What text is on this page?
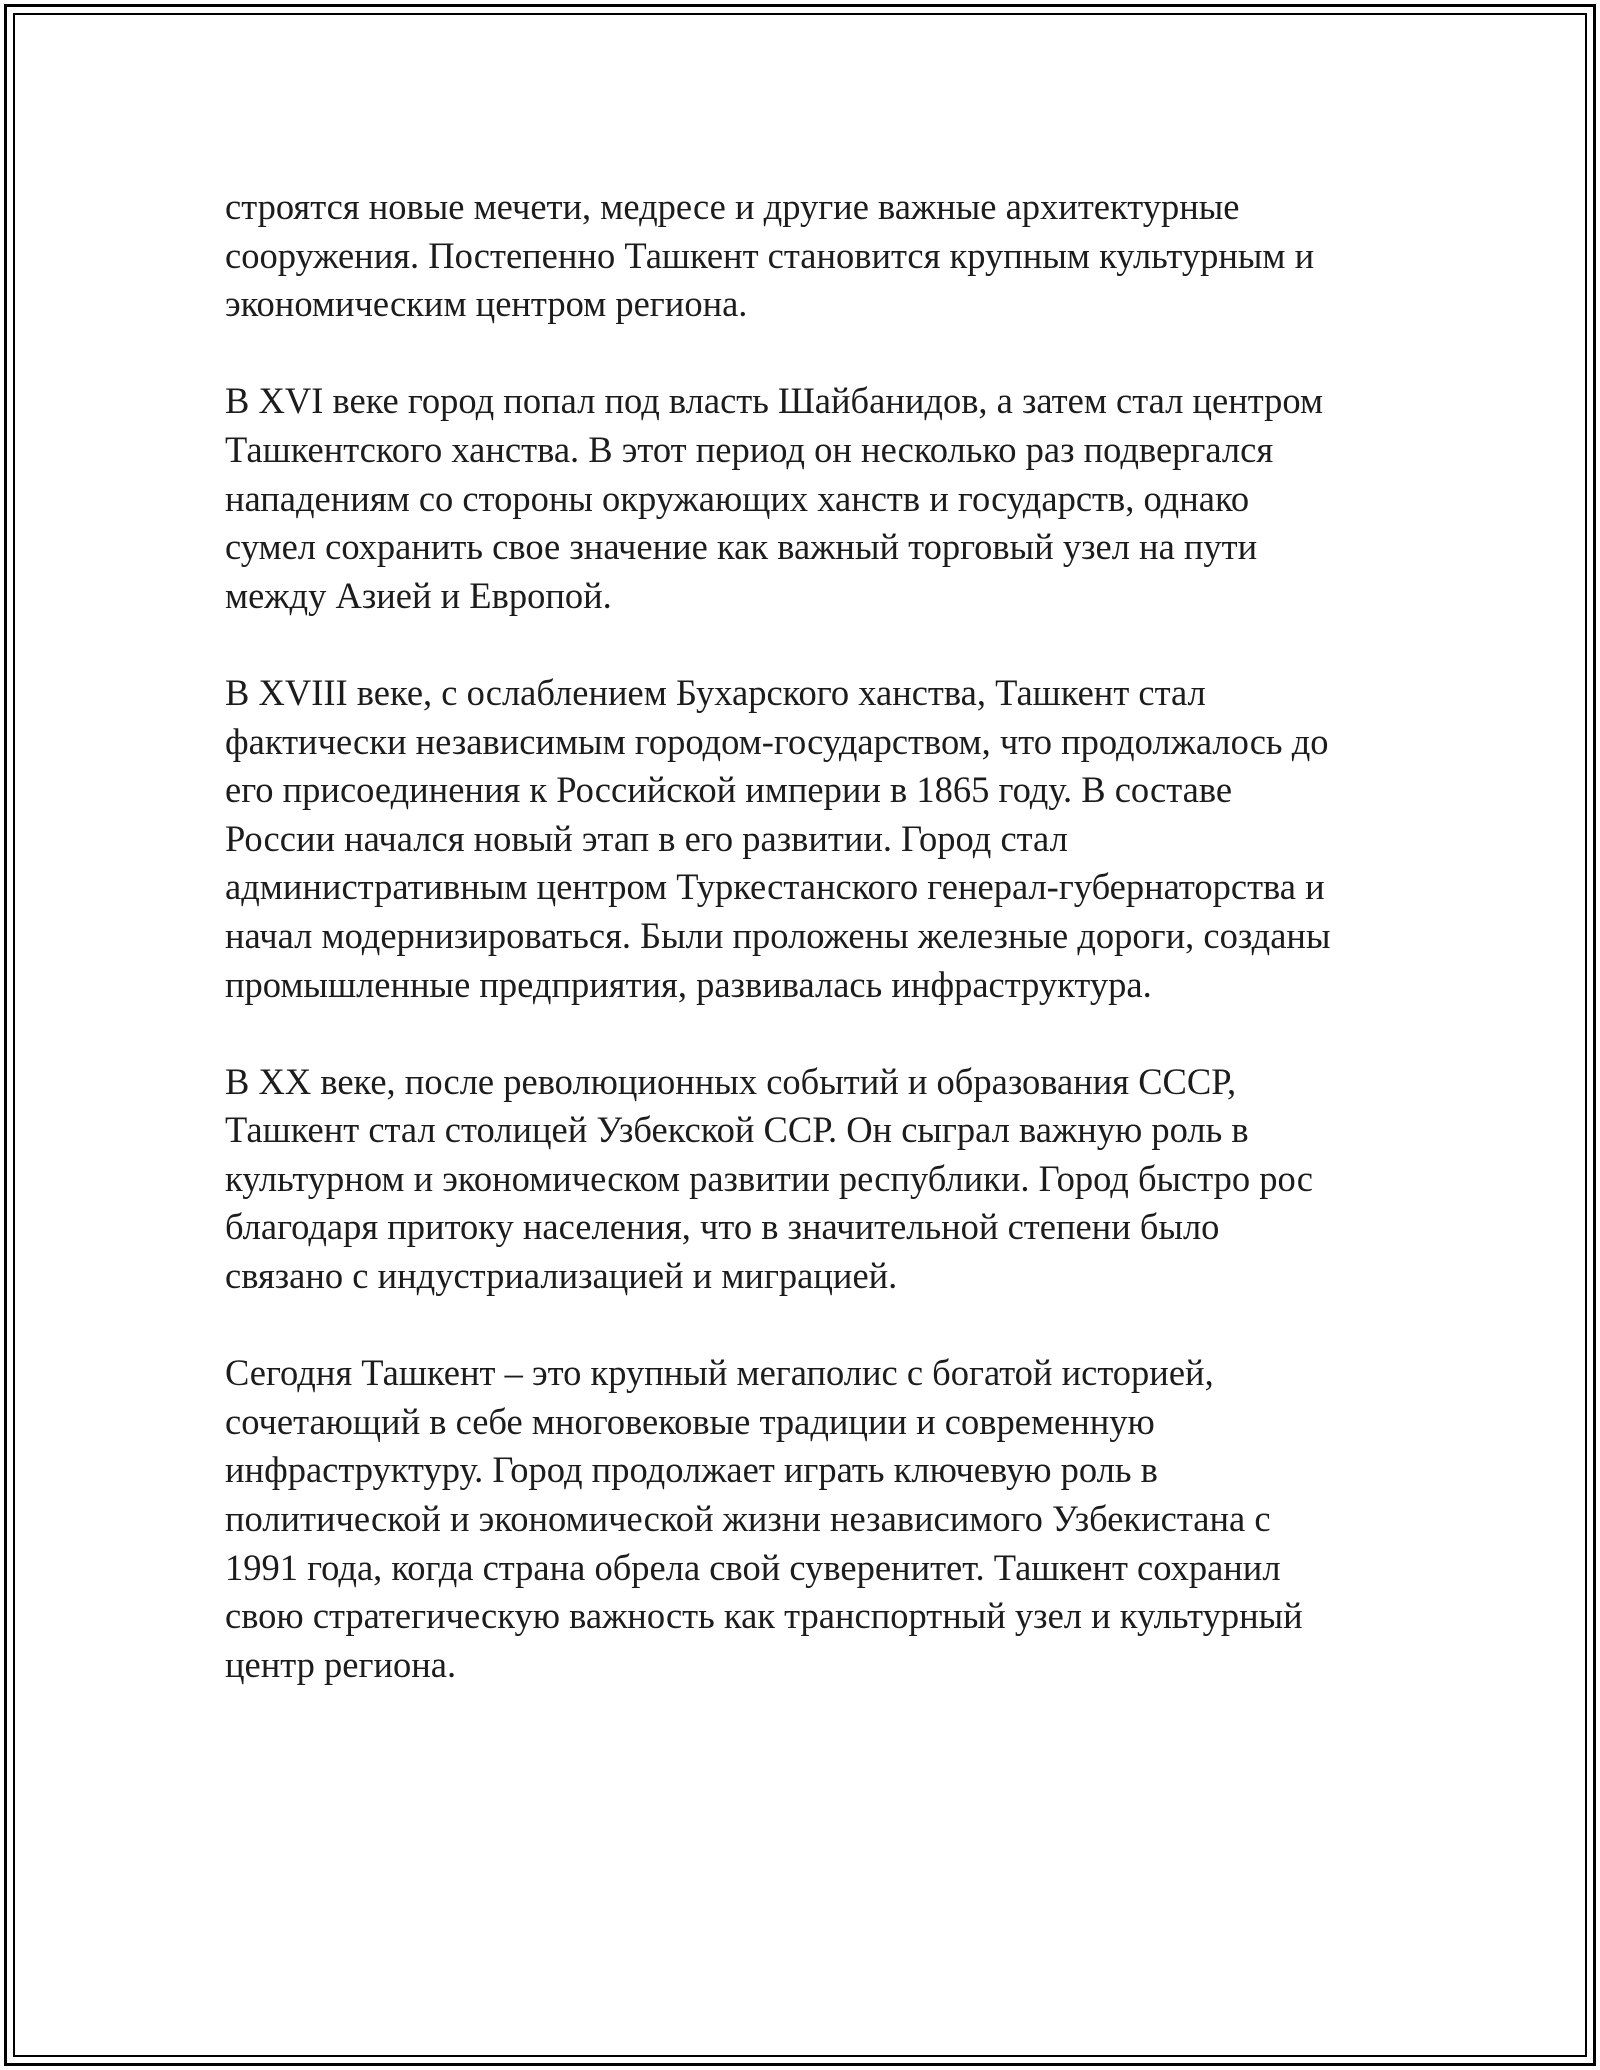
строятся новые мечети, медресе и другие важные архитектурные
сооружения. Постепенно Ташкент становится крупным культурным и
экономическим центром региона.

В XVI веке город попал под власть Шайбанидов, а затем стал центром
Ташкентского ханства. В этот период он несколько раз подвергался
нападениям со стороны окружающих ханств и государств, однако
сумел сохранить свое значение как важный торговый узел на пути
между Азией и Европой.

В XVIII веке, с ослаблением Бухарского ханства, Ташкент стал
фактически независимым городом-государством, что продолжалось до
его присоединения к Российской империи в 1865 году. В составе
России начался новый этап в его развитии. Город стал
административным центром Туркестанского генерал-губернаторства и
начал модернизироваться. Были проложены железные дороги, созданы
промышленные предприятия, развивалась инфраструктура.

В XX веке, после революционных событий и образования СССР,
Ташкент стал столицей Узбекской ССР. Он сыграл важную роль в
культурном и экономическом развитии республики. Город быстро рос
благодаря притоку населения, что в значительной степени было
связано с индустриализацией и миграцией.

Сегодня Ташкент – это крупный мегаполис с богатой историей,
сочетающий в себе многовековые традиции и современную
инфраструктуру. Город продолжает играть ключевую роль в
политической и экономической жизни независимого Узбекистана с
1991 года, когда страна обрела свой суверенитет. Ташкент сохранил
свою стратегическую важность как транспортный узел и культурный
центр региона.
